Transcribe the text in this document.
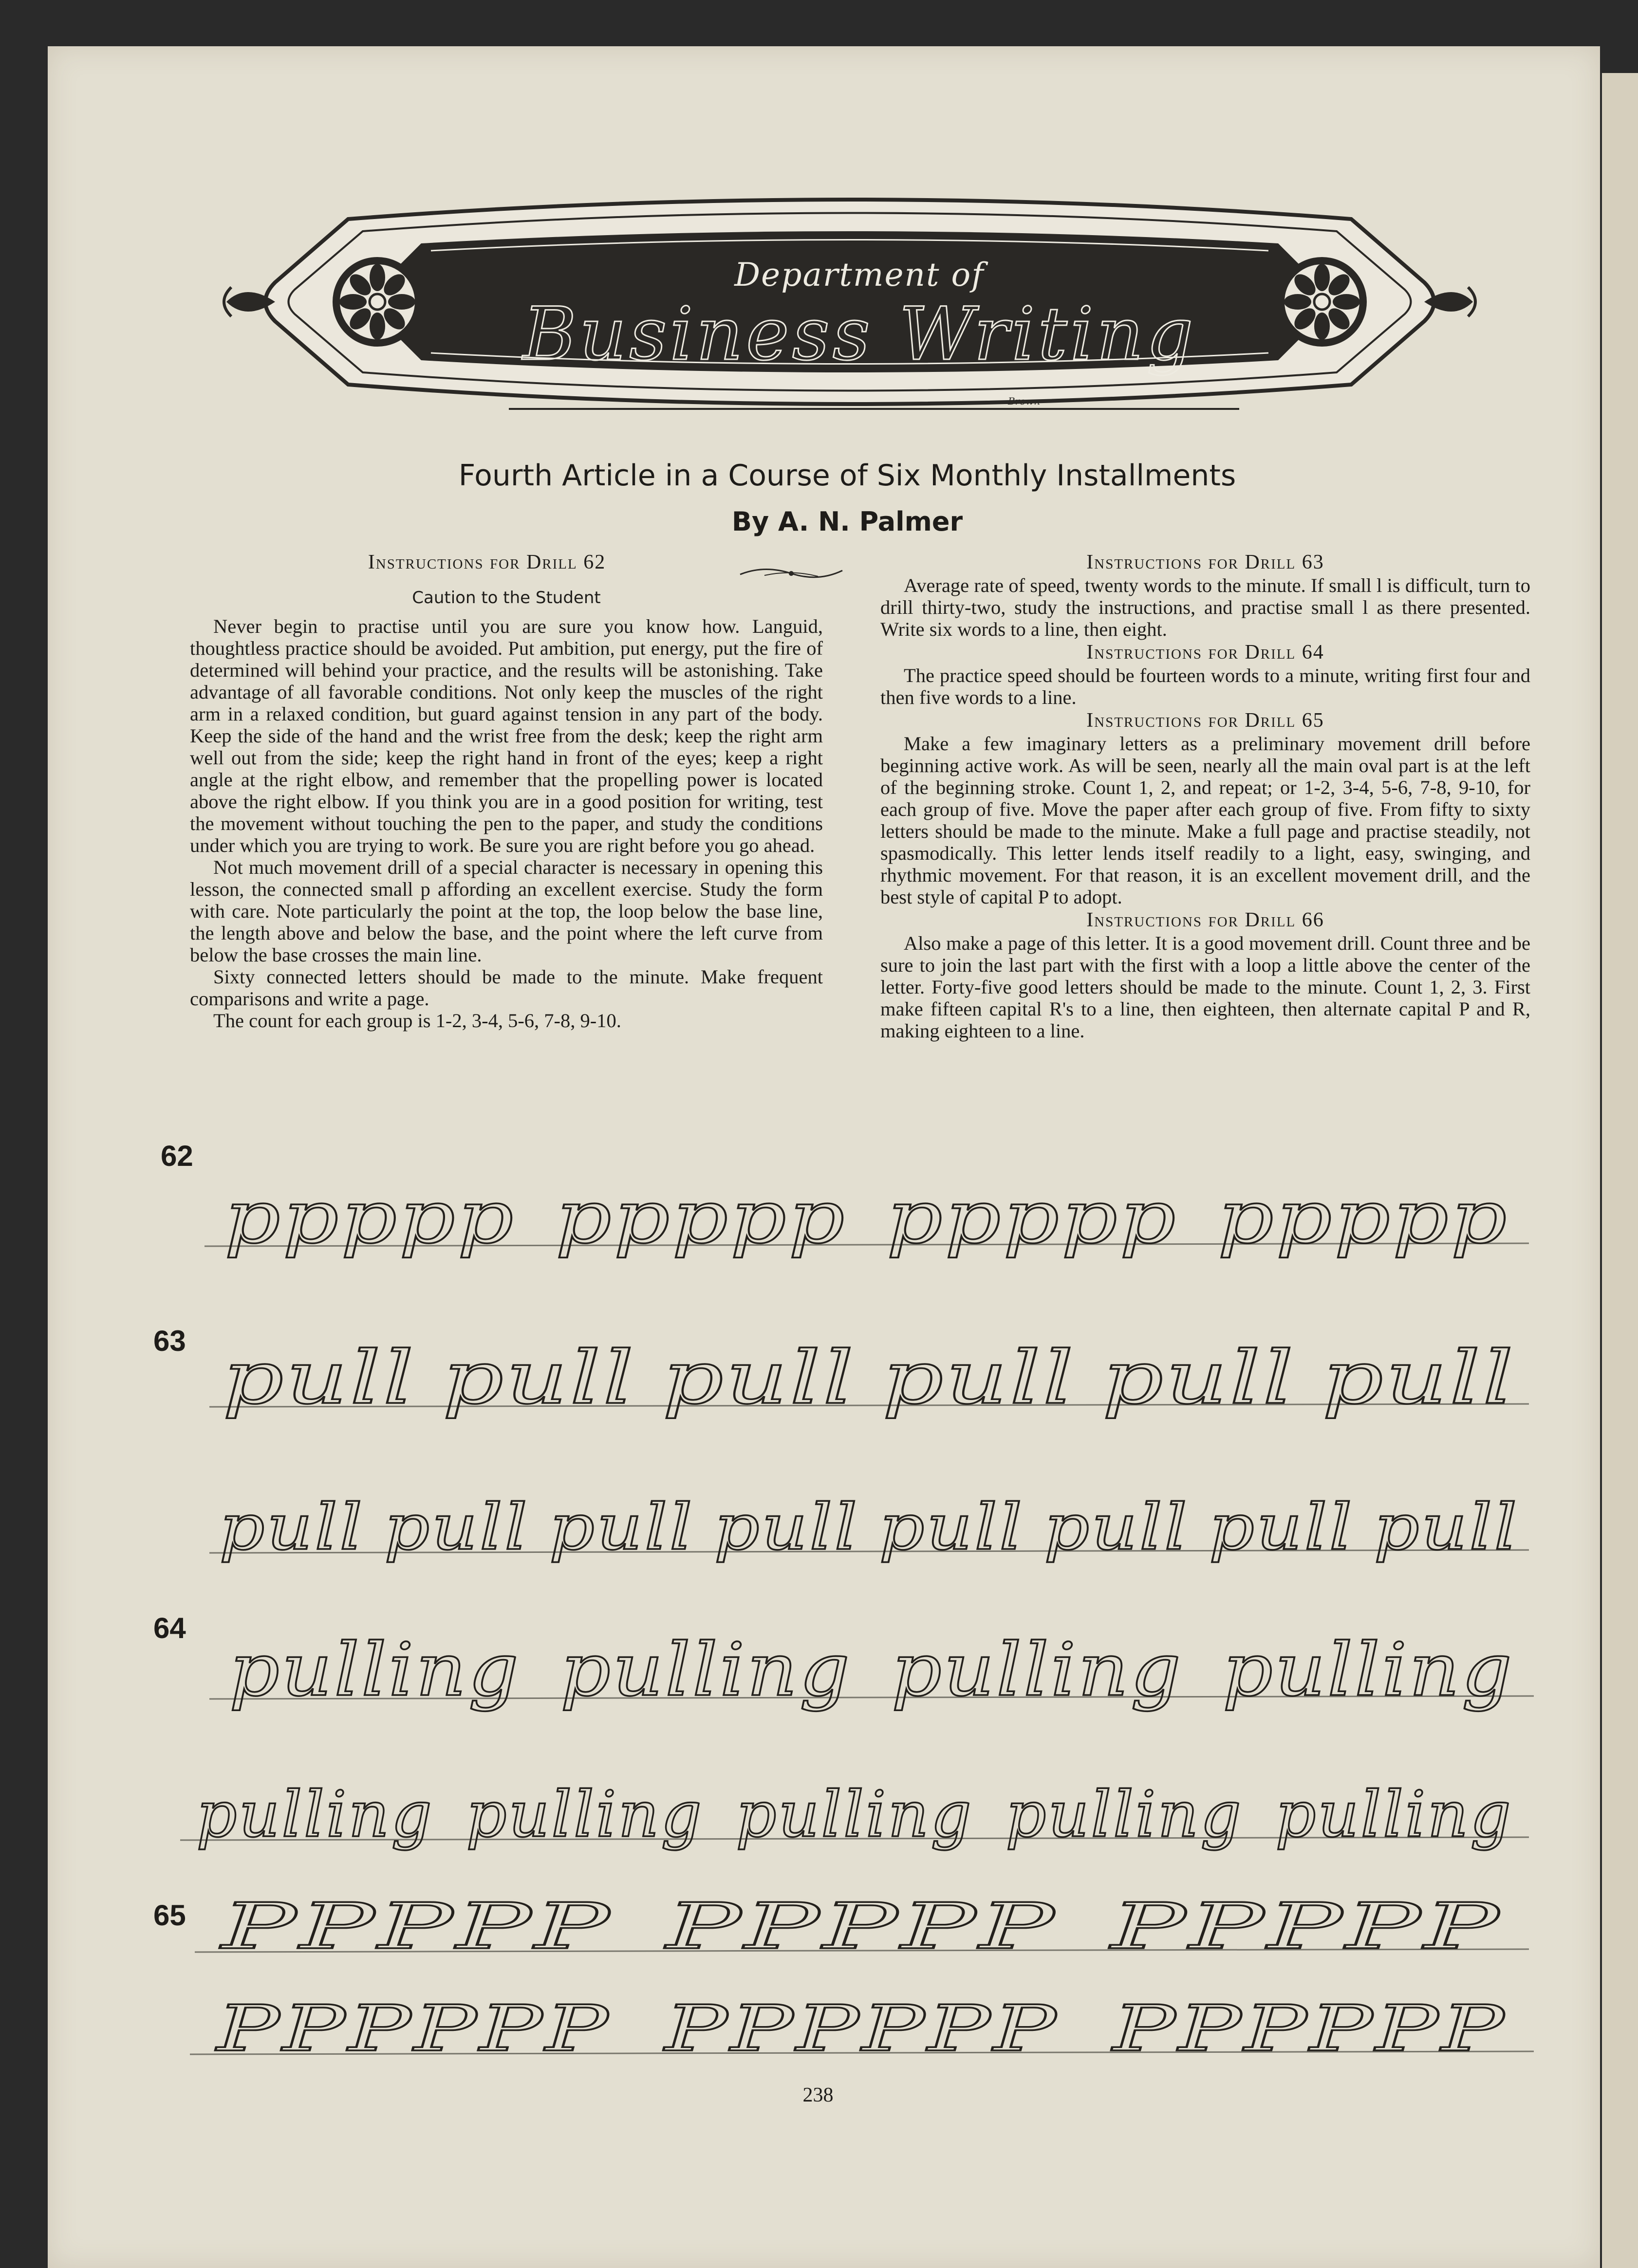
Department of
Business Writing
Brown
Fourth Article in a Course of Six Monthly Installments
By A. N. Palmer
Instructions for Drill 62
Caution to the Student

Never begin to practise until you are sure you know how. Languid, thoughtless practice should be avoided. Put ambition, put energy, put the fire of determined will behind your practice, and the results will be astonishing. Take advantage of all favorable conditions. Not only keep the muscles of the right arm in a relaxed condition, but guard against tension in any part of the body. Keep the side of the hand and the wrist free from the desk; keep the right arm well out from the side; keep the right hand in front of the eyes; keep a right angle at the right elbow, and remember that the propelling power is located above the right elbow. If you think you are in a good position for writing, test the movement without touching the pen to the paper, and study the conditions under which you are trying to work. Be sure you are right before you go ahead.

Not much movement drill of a special character is necessary in opening this lesson, the connected small p affording an excellent exercise. Study the form with care. Note particularly the point at the top, the loop below the base line, the length above and below the base, and the point where the left curve from below the base crosses the main line.

Sixty connected letters should be made to the minute. Make frequent comparisons and write a page.

The count for each group is 1-2, 3-4, 5-6, 7-8, 9-10.

Instructions for Drill 63

Average rate of speed, twenty words to the minute. If small l is difficult, turn to drill thirty-two, study the instructions, and practise small l as there presented. Write six words to a line, then eight.

Instructions for Drill 64

The practice speed should be fourteen words to a minute, writing first four and then five words to a line.

Instructions for Drill 65

Make a few imaginary letters as a preliminary movement drill before beginning active work. As will be seen, nearly all the main oval part is at the left of the beginning stroke. Count 1, 2, and repeat; or 1-2, 3-4, 5-6, 7-8, 9-10, for each group of five. Move the paper after each group of five. From fifty to sixty letters should be made to the minute. Make a full page and practise steadily, not spasmodically. This letter lends itself readily to a light, easy, swinging, and rhythmic movement. For that reason, it is an excellent movement drill, and the best style of capital P to adopt.

Instructions for Drill 66

Also make a page of this letter. It is a good movement drill. Count three and be sure to join the last part with the first with a loop a little above the center of the letter. Forty-five good letters should be made to the minute. Count 1, 2, 3. First make fifteen capital R's to a line, then eighteen, then alternate capital P and R, making eighteen to a line.

62
63
64
65
ppppp ppppp ppppp ppppp
pull pull pull pull pull pull
pull pull pull pull pull pull pull pull
pulling pulling pulling pulling
pulling pulling pulling pulling pulling
PPPPP PPPPP PPPPP
PPPPPP PPPPPP PPPPPP
238
